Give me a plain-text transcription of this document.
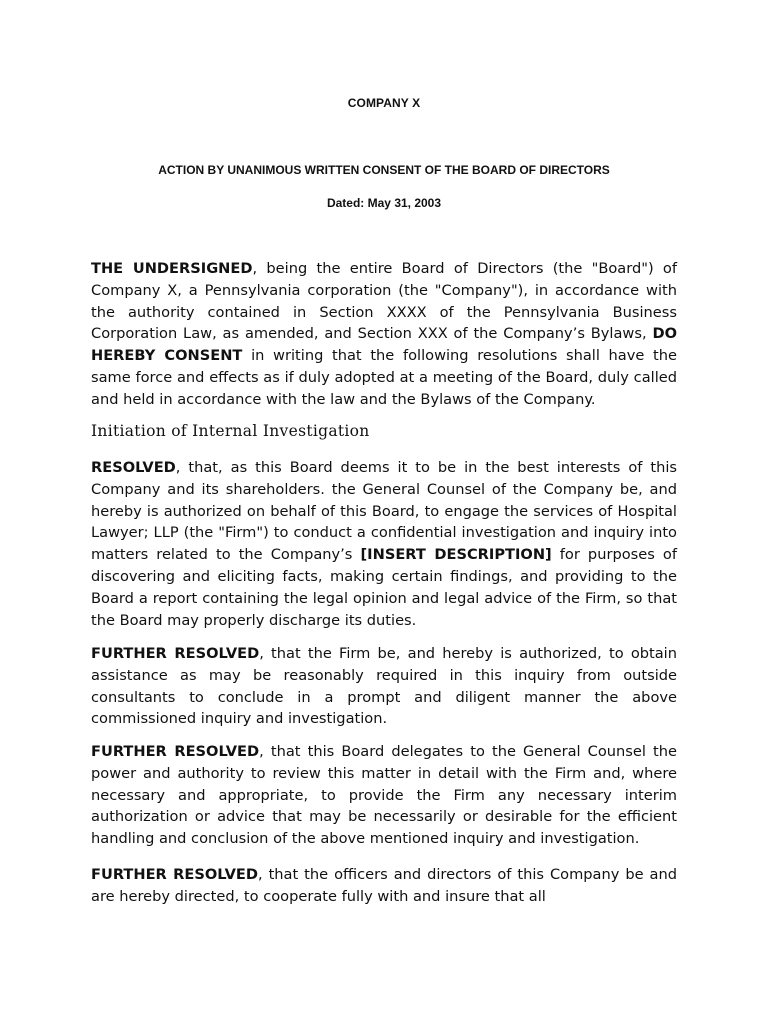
COMPANY X
ACTION BY UNANIMOUS WRITTEN CONSENT OF THE BOARD OF DIRECTORS
Dated: May 31, 2003

THE UNDERSIGNED, being the entire Board of Directors (the "Board") of Company X, a Pennsylvania corporation (the "Company"), in accordance with the authority contained in Section XXXX of the Pennsylvania Business Corporation Law, as amended, and Section XXX of the Company’s Bylaws, DO HEREBY CONSENT in writing that the following resolutions shall have the same force and effects as if duly adopted at a meeting of the Board, duly called and held in accordance with the law and the Bylaws of the Company.

Initiation of Internal Investigation

RESOLVED, that, as this Board deems it to be in the best interests of this Company and its shareholders. the General Counsel of the Company be, and hereby is authorized on behalf of this Board, to engage the services of Hospital Lawyer; LLP (the "Firm") to conduct a confidential investigation and inquiry into matters related to the Company’s [INSERT DESCRIPTION] for purposes of discovering and eliciting facts, making certain findings, and providing to the Board a report containing the legal opinion and legal advice of the Firm, so that the Board may properly discharge its duties.

FURTHER RESOLVED, that the Firm be, and hereby is authorized, to obtain assistance as may be reasonably required in this inquiry from outside consultants to conclude in a prompt and diligent manner the above commissioned inquiry and investigation.

FURTHER RESOLVED, that this Board delegates to the General Counsel the power and authority to review this matter in detail with the Firm and, where necessary and appropriate, to provide the Firm any necessary interim authorization or advice that may be necessarily or desirable for the efficient handling and conclusion of the above mentioned inquiry and investigation.

FURTHER RESOLVED, that the officers and directors of this Company be and are hereby directed, to cooperate fully with and insure that all
